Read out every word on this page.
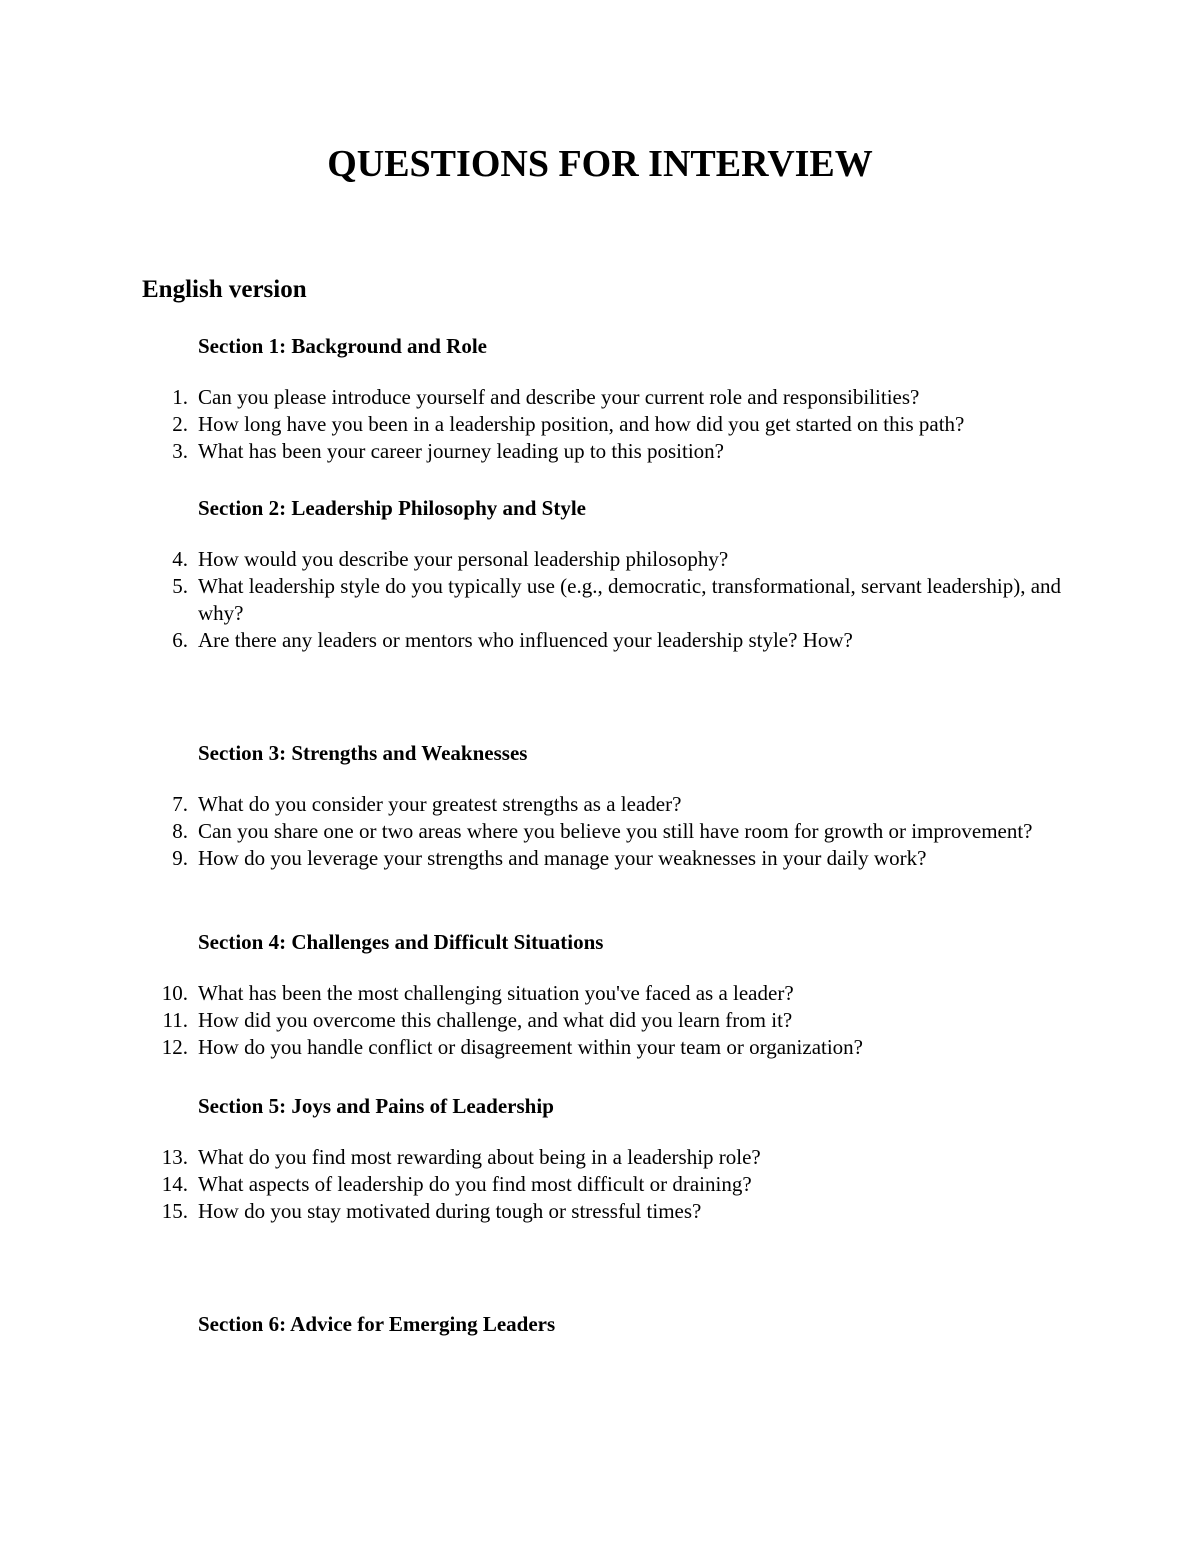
QUESTIONS FOR INTERVIEW
English version
Section 1: Background and Role
1. Can you please introduce yourself and describe your current role and responsibilities?
2. How long have you been in a leadership position, and how did you get started on this path?
3. What has been your career journey leading up to this position?
Section 2: Leadership Philosophy and Style
4. How would you describe your personal leadership philosophy?
5. What leadership style do you typically use (e.g., democratic, transformational, servant leadership), and why?
6. Are there any leaders or mentors who influenced your leadership style? How?
Section 3: Strengths and Weaknesses
7. What do you consider your greatest strengths as a leader?
8. Can you share one or two areas where you believe you still have room for growth or improvement?
9. How do you leverage your strengths and manage your weaknesses in your daily work?
Section 4: Challenges and Difficult Situations
10. What has been the most challenging situation you've faced as a leader?
11. How did you overcome this challenge, and what did you learn from it?
12. How do you handle conflict or disagreement within your team or organization?
Section 5: Joys and Pains of Leadership
13. What do you find most rewarding about being in a leadership role?
14. What aspects of leadership do you find most difficult or draining?
15. How do you stay motivated during tough or stressful times?
Section 6: Advice for Emerging Leaders
